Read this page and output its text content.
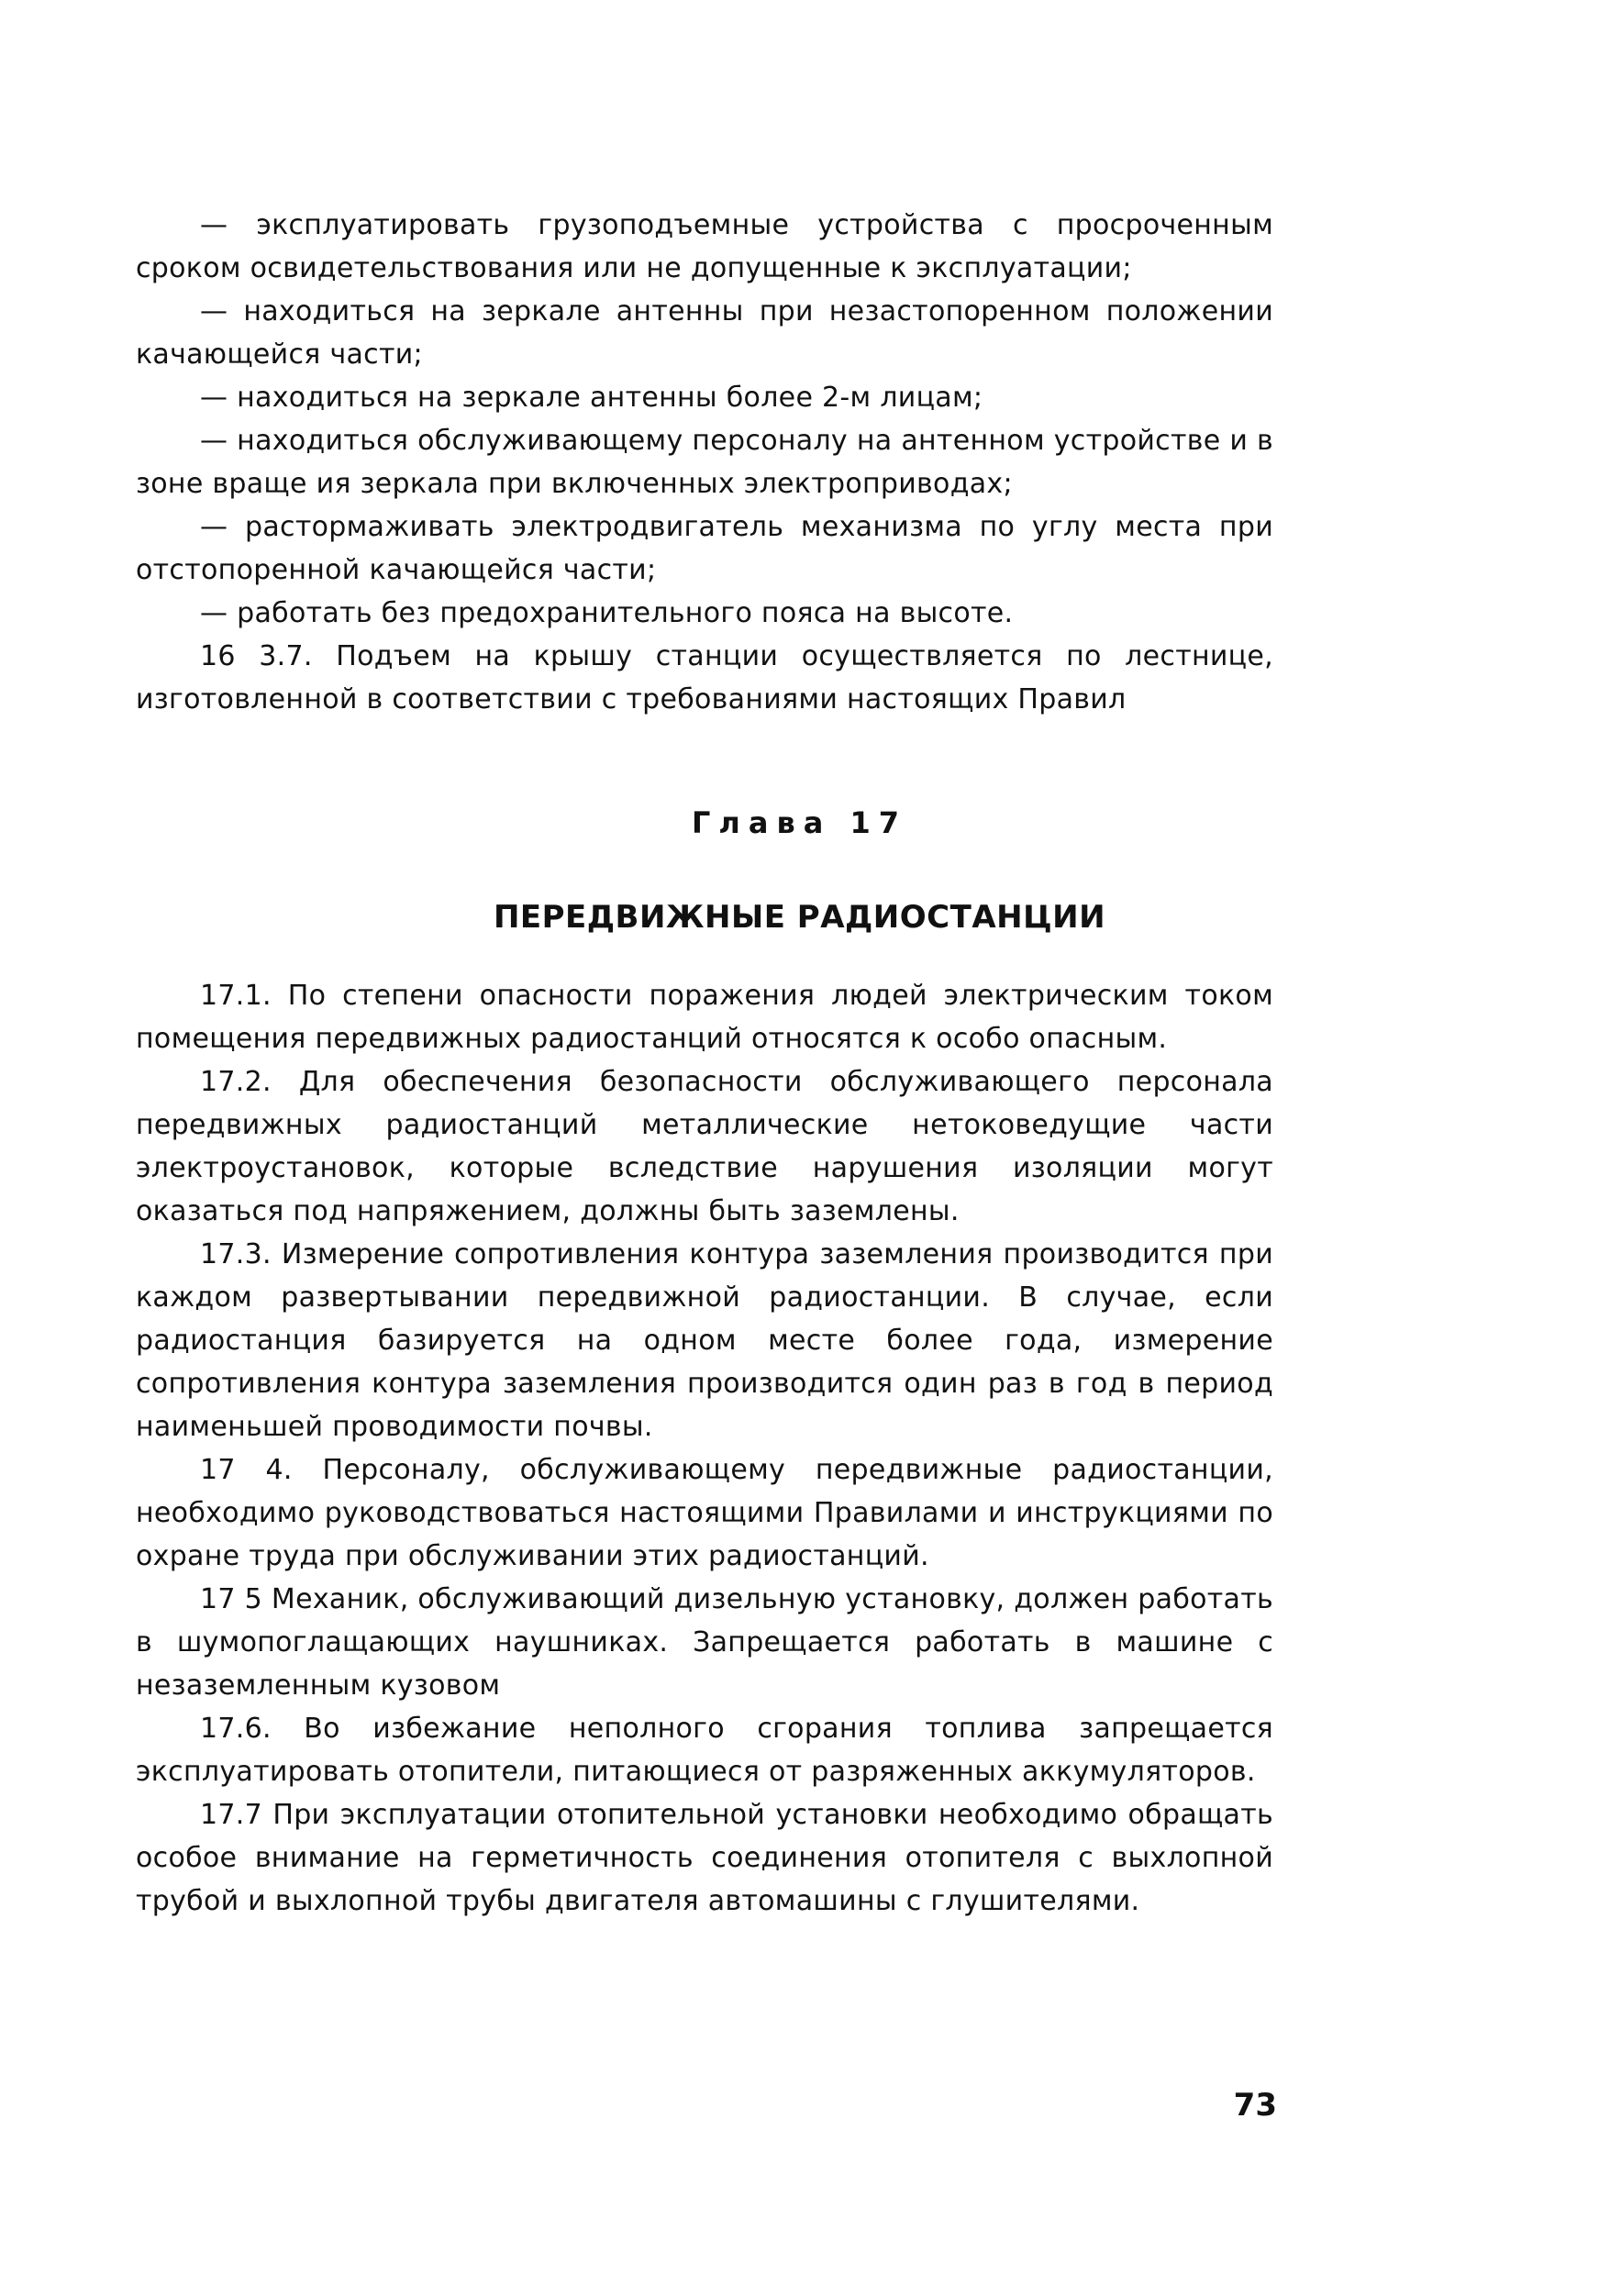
— эксплуатировать грузоподъемные устройства с просроченным сроком освидетельствования или не допущенные к эксплуатации;

— находиться на зеркале антенны при незастопоренном положении качающейся части;

— находиться на зеркале антенны более 2-м лицам;

— находиться обслуживающему персоналу на антенном устройстве и в зоне враще ия зеркала при включенных электроприводах;

— растормаживать электродвигатель механизма по углу места при отстопоренной качающейся части;

— работать без предохранительного пояса на высоте.

16 3.7. Подъем на крышу станции осуществляется по лестнице, изготовленной в соответствии с требованиями настоящих Правил

Глава 17
ПЕРЕДВИЖНЫЕ РАДИОСТАНЦИИ

17.1. По степени опасности поражения людей электрическим током помещения передвижных радиостанций относятся к особо опасным.

17.2. Для обеспечения безопасности обслуживающего персонала передвижных радиостанций металлические нетоковедущие части электроустановок, которые вследствие нарушения изоляции могут оказаться под напряжением, должны быть заземлены.

17.3. Измерение сопротивления контура заземления производится при каждом развертывании передвижной радиостанции. В случае, если радиостанция базируется на одном месте более года, измерение сопротивления контура заземления производится один раз в год в период наименьшей проводимости почвы.

17 4. Персоналу, обслуживающему передвижные радиостанции, необходимо руководствоваться настоящими Правилами и инструкциями по охране труда при обслуживании этих радиостанций.

17 5 Механик, обслуживающий дизельную установку, должен работать в шумопоглащающих наушниках. Запрещается работать в машине с незаземленным кузовом

17.6. Во избежание неполного сгорания топлива запрещается эксплуатировать отопители, питающиеся от разряженных аккумуляторов.

17.7 При эксплуатации отопительной установки необходимо обращать особое внимание на герметичность соединения отопителя с выхлопной трубой и выхлопной трубы двигателя автомашины с глушителями.

73
